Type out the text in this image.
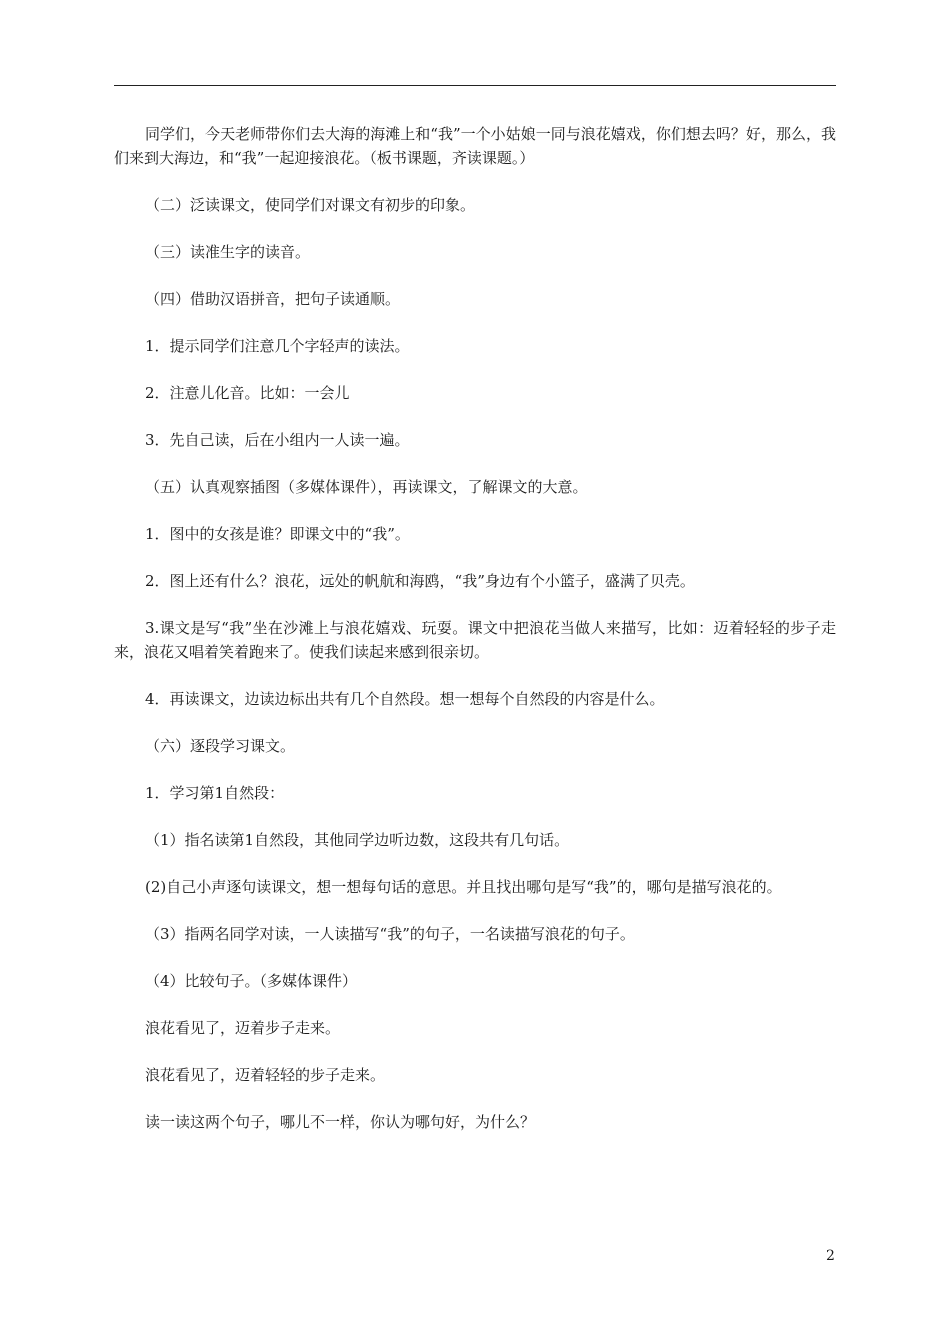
同学们，今天老师带你们去大海的海滩上和“我”一个小姑娘一同与浪花嬉戏，你们想去吗？好，那么，我们来到大海边，和“我”一起迎接浪花。（板书课题，齐读课题。）

（二）泛读课文，使同学们对课文有初步的印象。

（三）读准生字的读音。

（四）借助汉语拼音，把句子读通顺。

1．提示同学们注意几个字轻声的读法。

2．注意儿化音。比如：一会儿

3．先自己读，后在小组内一人读一遍。

（五）认真观察插图（多媒体课件），再读课文，了解课文的大意。

1．图中的女孩是谁？即课文中的“我”。

2．图上还有什么？浪花，远处的帆航和海鸥，“我”身边有个小篮子，盛满了贝壳。

3.课文是写“我”坐在沙滩上与浪花嬉戏、玩耍。课文中把浪花当做人来描写，比如：迈着轻轻的步子走来，浪花又唱着笑着跑来了。使我们读起来感到很亲切。

4．再读课文，边读边标出共有几个自然段。想一想每个自然段的内容是什么。

（六）逐段学习课文。

1．学习第1自然段：

（1）指名读第1自然段，其他同学边听边数，这段共有几句话。

(2)自己小声逐句读课文，想一想每句话的意思。并且找出哪句是写“我”的，哪句是描写浪花的。

（3）指两名同学对读，一人读描写“我”的句子，一名读描写浪花的句子。

（4）比较句子。（多媒体课件）

浪花看见了，迈着步子走来。

浪花看见了，迈着轻轻的步子走来。

读一读这两个句子，哪儿不一样，你认为哪句好，为什么？

2
